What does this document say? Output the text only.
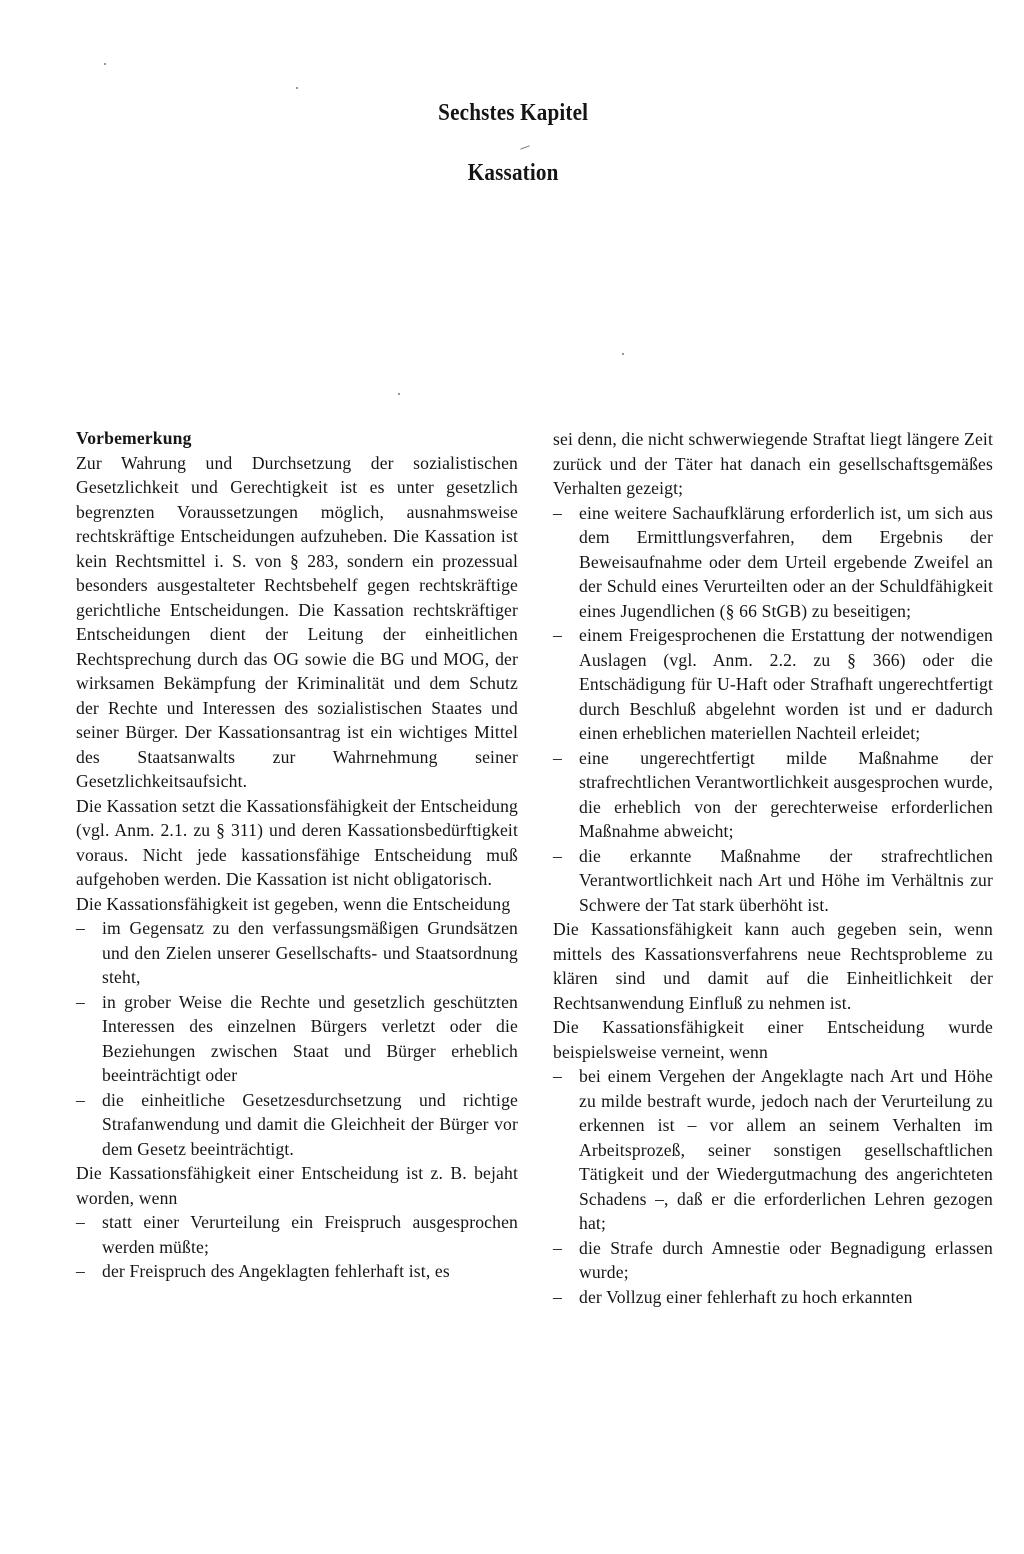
Sechstes Kapitel
Kassation

Vorbemerkung

Zur Wahrung und Durchsetzung der sozialistischen Gesetzlichkeit und Gerechtigkeit ist es unter gesetzlich begrenzten Voraussetzungen möglich, ausnahmsweise rechtskräftige Entscheidungen aufzuheben. Die Kassation ist kein Rechtsmittel i. S. von § 283, sondern ein prozessual besonders ausgestalteter Rechtsbehelf gegen rechtskräftige gerichtliche Entscheidungen. Die Kassation rechtskräftiger Entscheidungen dient der Leitung der einheitlichen Rechtsprechung durch das OG sowie die BG und MOG, der wirksamen Bekämpfung der Kriminalität und dem Schutz der Rechte und Interessen des sozialistischen Staates und seiner Bürger. Der Kassationsantrag ist ein wichtiges Mittel des Staatsanwalts zur Wahrnehmung seiner Gesetzlichkeitsaufsicht.

Die Kassation setzt die Kassationsfähigkeit der Entscheidung (vgl. Anm. 2.1. zu § 311) und deren Kassationsbedürftigkeit voraus. Nicht jede kassationsfähige Entscheidung muß aufgehoben werden. Die Kassation ist nicht obligatorisch.

Die Kassationsfähigkeit ist gegeben, wenn die Entscheidung

– im Gegensatz zu den verfassungsmäßigen Grundsätzen und den Zielen unserer Gesellschafts- und Staatsordnung steht,
– in grober Weise die Rechte und gesetzlich geschützten Interessen des einzelnen Bürgers verletzt oder die Beziehungen zwischen Staat und Bürger erheblich beeinträchtigt oder
– die einheitliche Gesetzesdurchsetzung und richtige Strafanwendung und damit die Gleichheit der Bürger vor dem Gesetz beeinträchtigt.

Die Kassationsfähigkeit einer Entscheidung ist z. B. bejaht worden, wenn

– statt einer Verurteilung ein Freispruch ausgesprochen werden müßte;
– der Freispruch des Angeklagten fehlerhaft ist, es

sei denn, die nicht schwerwiegende Straftat liegt längere Zeit zurück und der Täter hat danach ein gesellschaftsgemäßes Verhalten gezeigt;

– eine weitere Sachaufklärung erforderlich ist, um sich aus dem Ermittlungsverfahren, dem Ergebnis der Beweisaufnahme oder dem Urteil ergebende Zweifel an der Schuld eines Verurteilten oder an der Schuldfähigkeit eines Jugendlichen (§ 66 StGB) zu beseitigen;
– einem Freigesprochenen die Erstattung der notwendigen Auslagen (vgl. Anm. 2.2. zu § 366) oder die Entschädigung für U-Haft oder Strafhaft ungerechtfertigt durch Beschluß abgelehnt worden ist und er dadurch einen erheblichen materiellen Nachteil erleidet;
– eine ungerechtfertigt milde Maßnahme der strafrechtlichen Verantwortlichkeit ausgesprochen wurde, die erheblich von der gerechterweise erforderlichen Maßnahme abweicht;
– die erkannte Maßnahme der strafrechtlichen Verantwortlichkeit nach Art und Höhe im Verhältnis zur Schwere der Tat stark überhöht ist.

Die Kassationsfähigkeit kann auch gegeben sein, wenn mittels des Kassationsverfahrens neue Rechtsprobleme zu klären sind und damit auf die Einheitlichkeit der Rechtsanwendung Einfluß zu nehmen ist.

Die Kassationsfähigkeit einer Entscheidung wurde beispielsweise verneint, wenn

– bei einem Vergehen der Angeklagte nach Art und Höhe zu milde bestraft wurde, jedoch nach der Verurteilung zu erkennen ist – vor allem an seinem Verhalten im Arbeitsprozeß, seiner sonstigen gesellschaftlichen Tätigkeit und der Wiedergutmachung des angerichteten Schadens –, daß er die erforderlichen Lehren gezogen hat;
– die Strafe durch Amnestie oder Begnadigung erlassen wurde;
– der Vollzug einer fehlerhaft zu hoch erkannten
